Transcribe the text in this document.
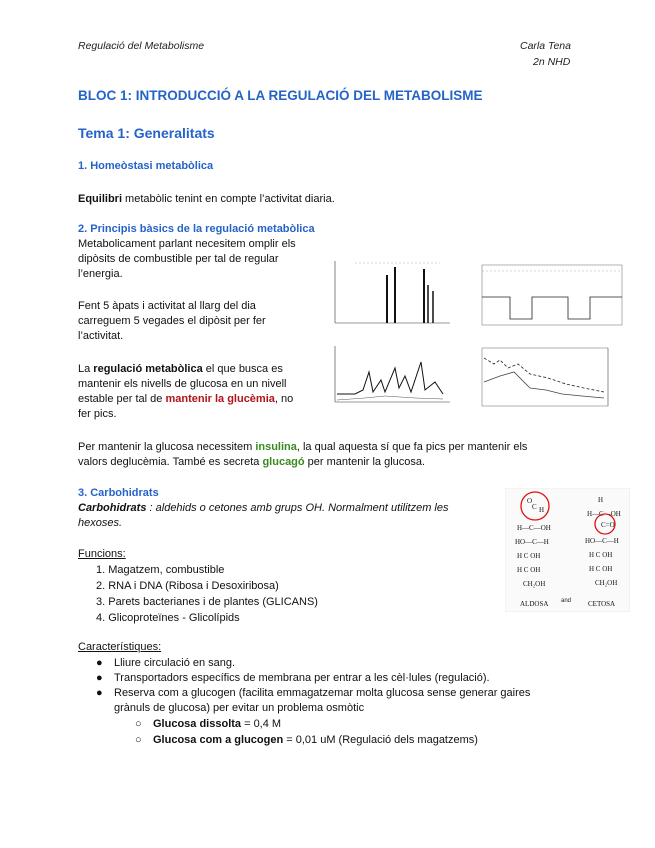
Regulació del Metabolisme	Carla Tena
2n NHD
BLOC 1: INTRODUCCIÓ A LA REGULACIÓ DEL METABOLISME
Tema 1: Generalitats
1. Homeòstasi metabòlica
Equilibri metabòlic tenint en compte l’activitat diaria.
2. Principis bàsics de la regulació metabòlica
Metabolicament parlant necesitem omplir els
dipòsits de combustible per tal de regular
l’energia.
Fent 5 àpats i activitat al llarg del dia
carreguem 5 vegades el dipòsit per fer
l’activitat.
La regulació metabòlica el que busca es
mantenir els nivells de glucosa en un nivell
estable per tal de mantenir la glucèmia, no
fer pics.
Per mantenir la glucosa necessitem insulina, la qual aquesta sí que fa pics per mantenir els
valors deglucèmia. També es secreta glucagó per mantenir la glucosa.
3. Carbohidrats
Carbohidrats : aldehids o cetones amb grups OH. Normalment utilitzem les
hexoses.
Funcions:
1. Magatzem, combustible
2. RNA i DNA (Ribosa i Desoxiribosa)
3. Parets bacterianes i de plantes (GLICANS)
4. Glicoproteïnes - Glicolípids
Característiques:
● Lliure circulació en sang.
● Transportadors específics de membrana per entrar a les cèl·lules (regulació).
● Reserva com a glucogen (facilita emmagatzemar molta glucosa sense generar gaires
grànuls de glucosa) per evitar un problema osmòtic
○ Glucosa dissolta = 0,4 M
○ Glucosa com a glucogen = 0,01 uM (Regulació dels magatzems)
O
H
C
H—C—OH
HO—C—H
H C OH
H C OH
CH₂OH
H
H—C—OH
C=O
HO—C—H
H C OH
H C OH
CH₂OH
ALDOSA and CETOSA
